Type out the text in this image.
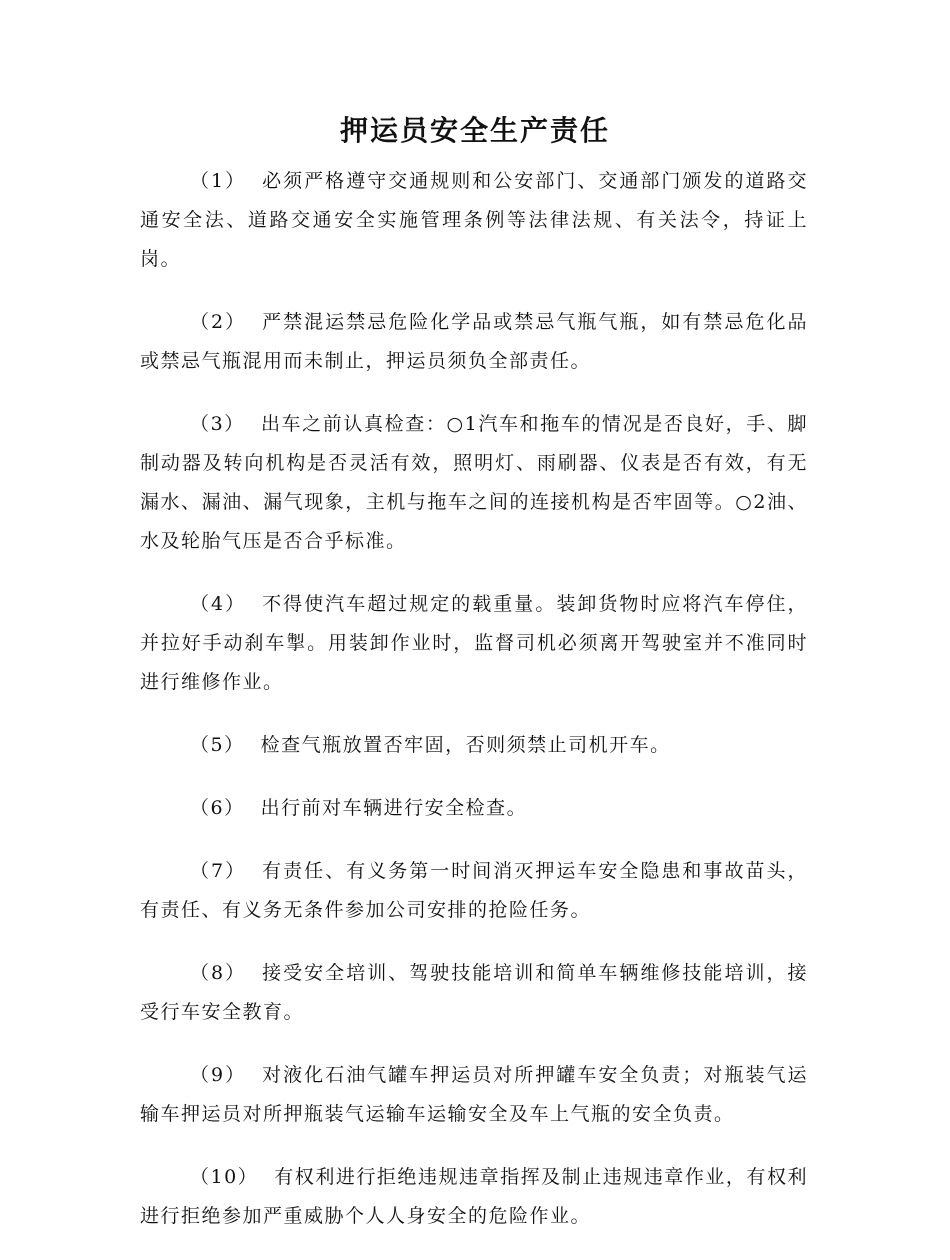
押运员安全生产责任

（1） 必须严格遵守交通规则和公安部门、交通部门颁发的道路交通安全法、道路交通安全实施管理条例等法律法规、有关法令，持证上岗。

（2） 严禁混运禁忌危险化学品或禁忌气瓶气瓶，如有禁忌危化品或禁忌气瓶混用而未制止，押运员须负全部责任。

（3） 出车之前认真检查：○1汽车和拖车的情况是否良好，手、脚制动器及转向机构是否灵活有效，照明灯、雨刷器、仪表是否有效，有无漏水、漏油、漏气现象，主机与拖车之间的连接机构是否牢固等。○2油、水及轮胎气压是否合乎标准。

（4） 不得使汽车超过规定的载重量。装卸货物时应将汽车停住，并拉好手动刹车掣。用装卸作业时，监督司机必须离开驾驶室并不准同时进行维修作业。

（5） 检查气瓶放置否牢固，否则须禁止司机开车。

（6） 出行前对车辆进行安全检查。

（7） 有责任、有义务第一时间消灭押运车安全隐患和事故苗头，有责任、有义务无条件参加公司安排的抢险任务。

（8） 接受安全培训、驾驶技能培训和简单车辆维修技能培训，接受行车安全教育。

（9） 对液化石油气罐车押运员对所押罐车安全负责；对瓶装气运输车押运员对所押瓶装气运输车运输安全及车上气瓶的安全负责。

（10） 有权利进行拒绝违规违章指挥及制止违规违章作业，有权利进行拒绝参加严重威胁个人人身安全的危险作业。
